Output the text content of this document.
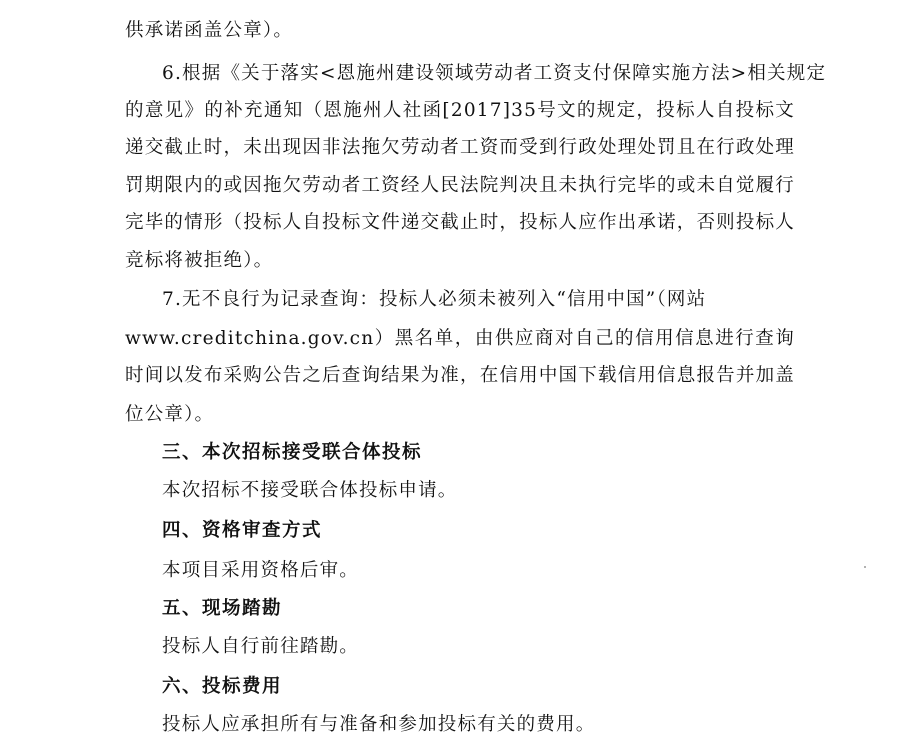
供承诺函盖公章）。
6.根据《关于落实<恩施州建设领域劳动者工资支付保障实施方法>相关规定
的意见》的补充通知（恩施州人社函[2017]35号文的规定，投标人自投标文
递交截止时，未出现因非法拖欠劳动者工资而受到行政处理处罚且在行政处理
罚期限内的或因拖欠劳动者工资经人民法院判决且未执行完毕的或未自觉履行
完毕的情形（投标人自投标文件递交截止时，投标人应作出承诺，否则投标人
竞标将被拒绝）。
7.无不良行为记录查询：投标人必须未被列入“信用中国”（网站
www.creditchina.gov.cn）黑名单，由供应商对自己的信用信息进行查询
时间以发布采购公告之后查询结果为准，在信用中国下载信用信息报告并加盖
位公章）。
三、本次招标接受联合体投标
本次招标不接受联合体投标申请。
四、资格审查方式
本项目采用资格后审。
五、现场踏勘
投标人自行前往踏勘。
六、投标费用
投标人应承担所有与准备和参加投标有关的费用。
